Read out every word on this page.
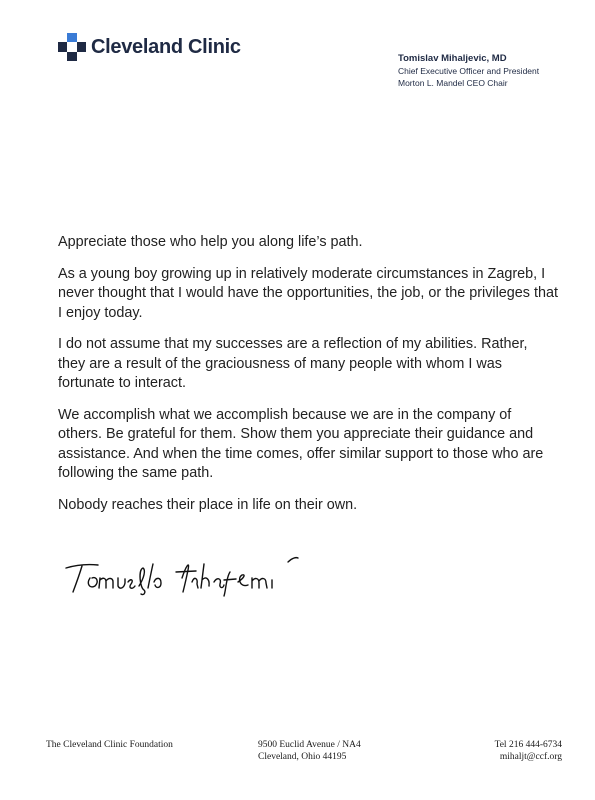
Cleveland Clinic
Tomislav Mihaljevic, MD
Chief Executive Officer and President
Morton L. Mandel CEO Chair

Appreciate those who help you along life’s path.

As a young boy growing up in relatively moderate circumstances in Zagreb, I never thought that I would have the opportunities, the job, or the privileges that I enjoy today.

I do not assume that my successes are a reflection of my abilities. Rather, they are a result of the graciousness of many people with whom I was fortunate to interact.

We accomplish what we accomplish because we are in the company of others. Be grateful for them. Show them you appreciate their guidance and assistance. And when the time comes, offer similar support to those who are following the same path.

Nobody reaches their place in life on their own.

The Cleveland Clinic Foundation	9500 Euclid Avenue / NA4
Cleveland, Ohio 44195
Tel 216 444-6734
mihaljt@ccf.org
